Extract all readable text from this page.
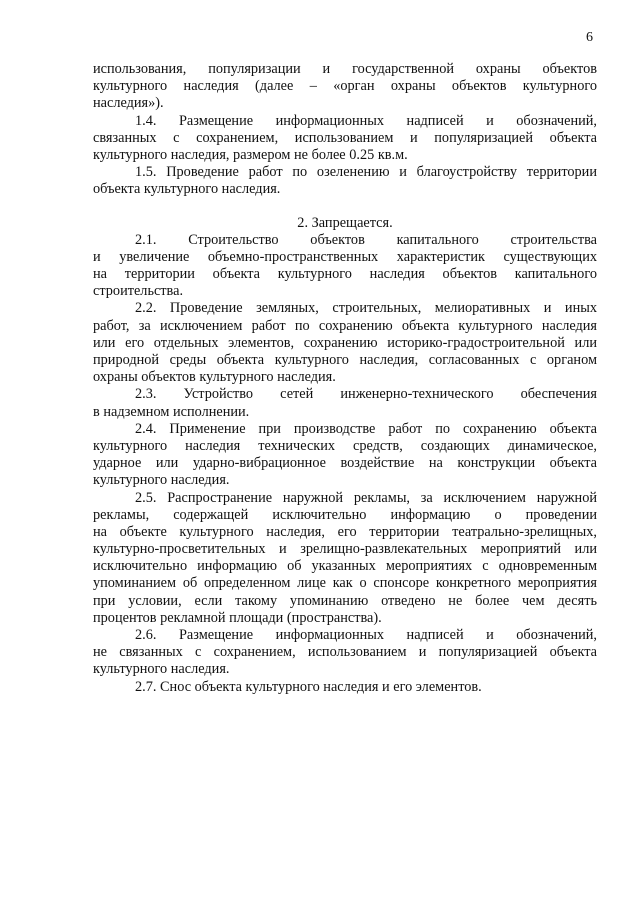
6
использования, популяризации и государственной охраны объектов
культурного наследия (далее – «орган охраны объектов культурного
наследия»).
1.4. Размещение информационных надписей и обозначений,
связанных с сохранением, использованием и популяризацией объекта
культурного наследия, размером не более 0.25 кв.м.
1.5. Проведение работ по озеленению и благоустройству территории
объекта культурного наследия.
2. Запрещается.
2.1. Строительство объектов капитального строительства
и увеличение объемно-пространственных характеристик существующих
на территории объекта культурного наследия объектов капитального
строительства.
2.2. Проведение земляных, строительных, мелиоративных и иных
работ, за исключением работ по сохранению объекта культурного наследия
или его отдельных элементов, сохранению историко-градостроительной или
природной среды объекта культурного наследия, согласованных с органом
охраны объектов культурного наследия.
2.3. Устройство сетей инженерно-технического обеспечения
в надземном исполнении.
2.4. Применение при производстве работ по сохранению объекта
культурного наследия технических средств, создающих динамическое,
ударное или ударно-вибрационное воздействие на конструкции объекта
культурного наследия.
2.5. Распространение наружной рекламы, за исключением наружной
рекламы, содержащей исключительно информацию о проведении
на объекте культурного наследия, его территории театрально-зрелищных,
культурно-просветительных и зрелищно-развлекательных мероприятий или
исключительно информацию об указанных мероприятиях с одновременным
упоминанием об определенном лице как о спонсоре конкретного мероприятия
при условии, если такому упоминанию отведено не более чем десять
процентов рекламной площади (пространства).
2.6. Размещение информационных надписей и обозначений,
не связанных с сохранением, использованием и популяризацией объекта
культурного наследия.
2.7. Снос объекта культурного наследия и его элементов.
